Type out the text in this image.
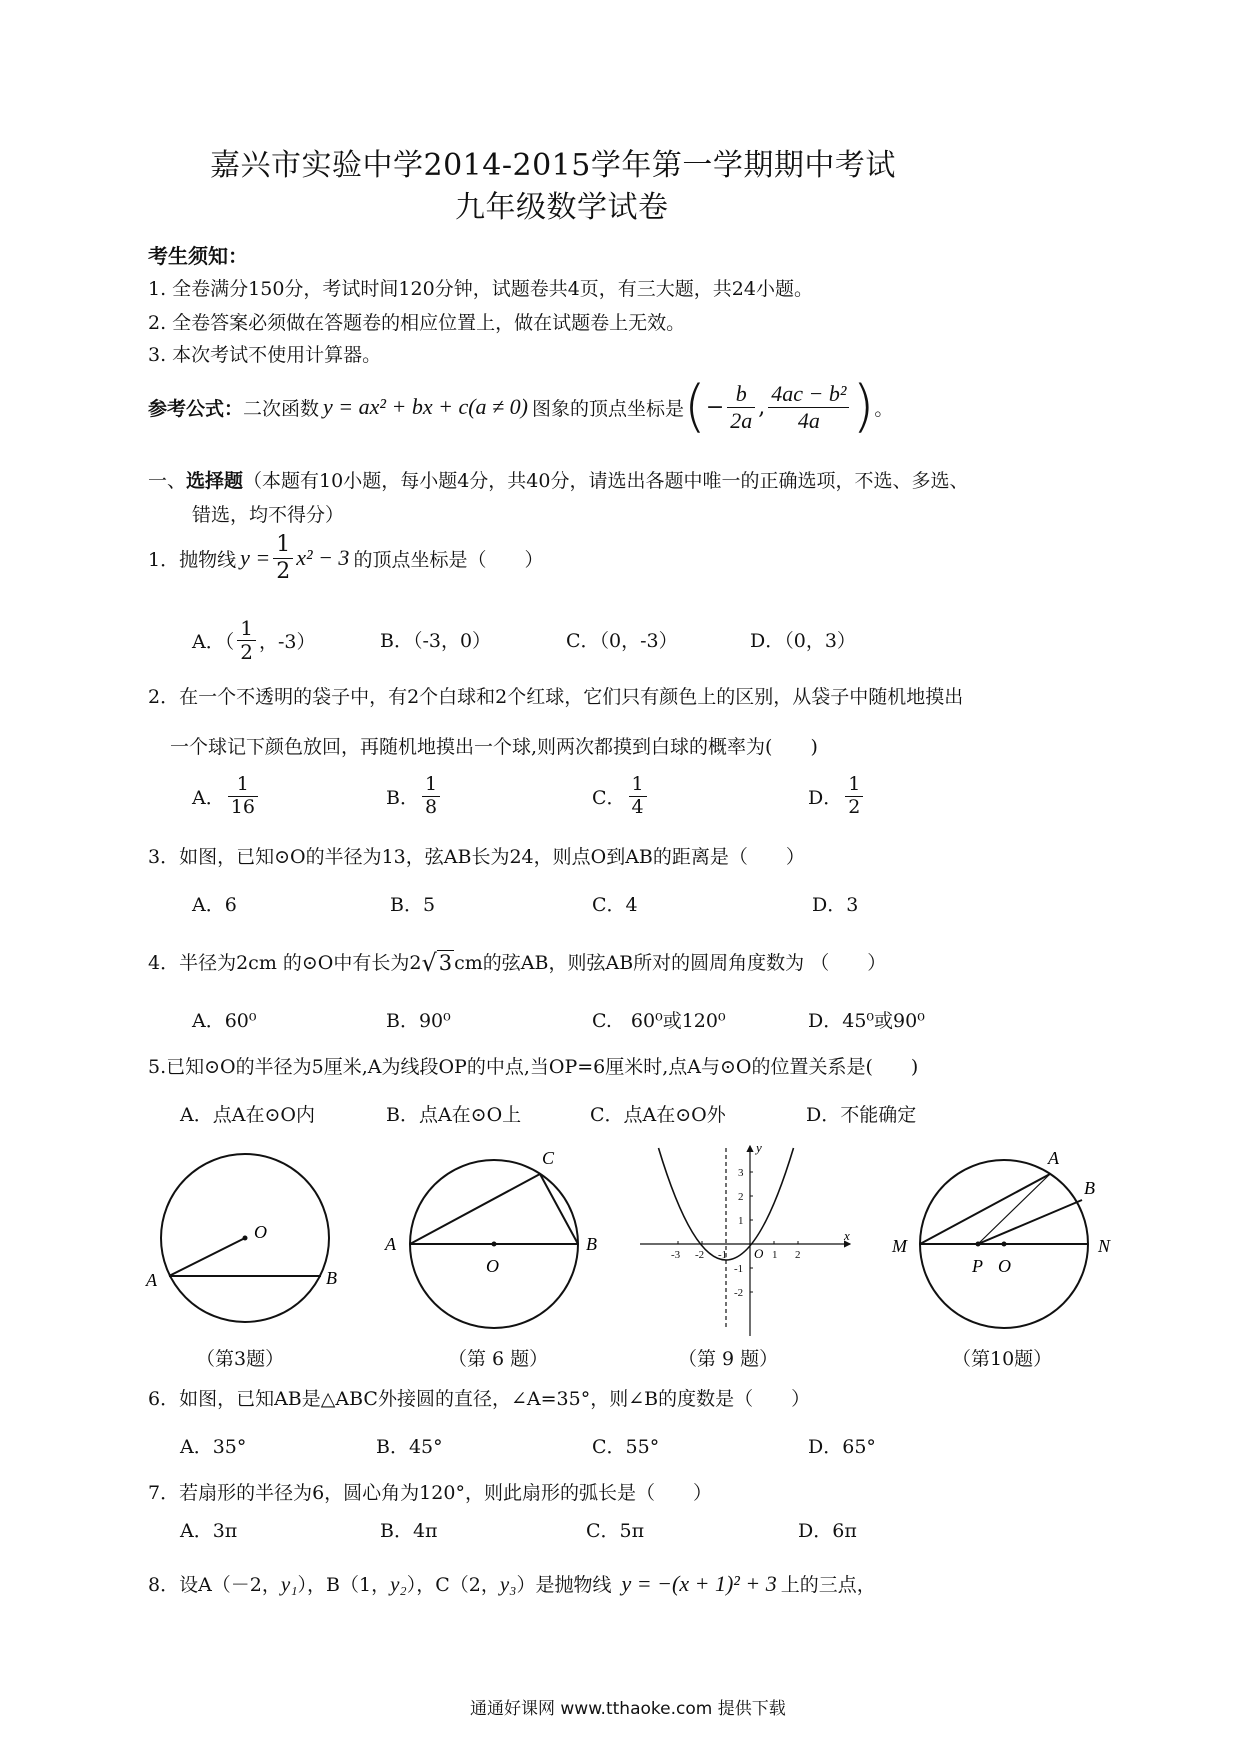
嘉兴市实验中学2014-2015学年第一学期期中考试
九年级数学试卷
考生须知：
1. 全卷满分150分，考试时间120分钟，试题卷共4页，有三大题，共24小题。
2. 全卷答案必须做在答题卷的相应位置上，做在试题卷上无效。
3. 本次考试不使用计算器。
参考公式： 二次函数 y = ax² + bx + c(a ≠ 0) 图象的顶点坐标是 ( − $\frac{b}{2a}$ , $\frac{\text{4ac − b²}}{4a}$ ) 。
一、选择题（本题有10小题，每小题4分，共40分，请选出各题中唯一的正确选项，不选、多选、
错选，均不得分）
1．抛物线 $y = \frac{1}{2} x^2 - 3$ 的顶点坐标是（　　）
A．（ $\frac{1}{2}$ ，-3）	B．（-3，0）	C．（0，-3）	D．（0，3）
2．在一个不透明的袋子中，有2个白球和2个红球，它们只有颜色上的区别，从袋子中随机地摸出
一个球记下颜色放回，再随机地摸出一个球,则两次都摸到白球的概率为(　　)
A． $\frac{1}{16}$	B． $\frac{1}{8}$	C． $\frac{1}{4}$	D． $\frac{1}{2}$
3．如图，已知⊙O的半径为13，弦AB长为24，则点O到AB的距离是（　　）
A．6	B．5	C．4	D．3
4．半径为2cm 的⊙O中有长为2 √ 3 cm的弦AB，则弦AB所对的圆周角度数为 （　　）
A．60⁰	B．90⁰	C.　60⁰或120⁰	D．45⁰或90⁰
5.已知⊙O的半径为5厘米,A为线段OP的中点,当OP=6厘米时,点A与⊙O的位置关系是(　　)
A．点A在⊙O内	B．点A在⊙O上	C．点A在⊙O外	D．不能确定
O
A	B
（第3题）
A	B
C
O
（第 6 题）
-3 -2 -1	1 2
3
2
1
-1
-2
x
y
O
（第 9 题）
A
B
M	N
P O
（第10题）
6．如图，已知AB是△ABC外接圆的直径，∠A=35°，则∠B的度数是（　　）
A．35°	B．45°	C．55°	D．65°
7．若扇形的半径为6，圆心角为120°，则此扇形的弧长是（　　）
A．3π	B．4π	C．5π	D．6π
8．设A（－2，y₁），B（1，y₂），C（2，y₃）是抛物线 y = −(x + 1)² + 3 上的三点，
通通好课网 www.tthaoke.com 提供下载
